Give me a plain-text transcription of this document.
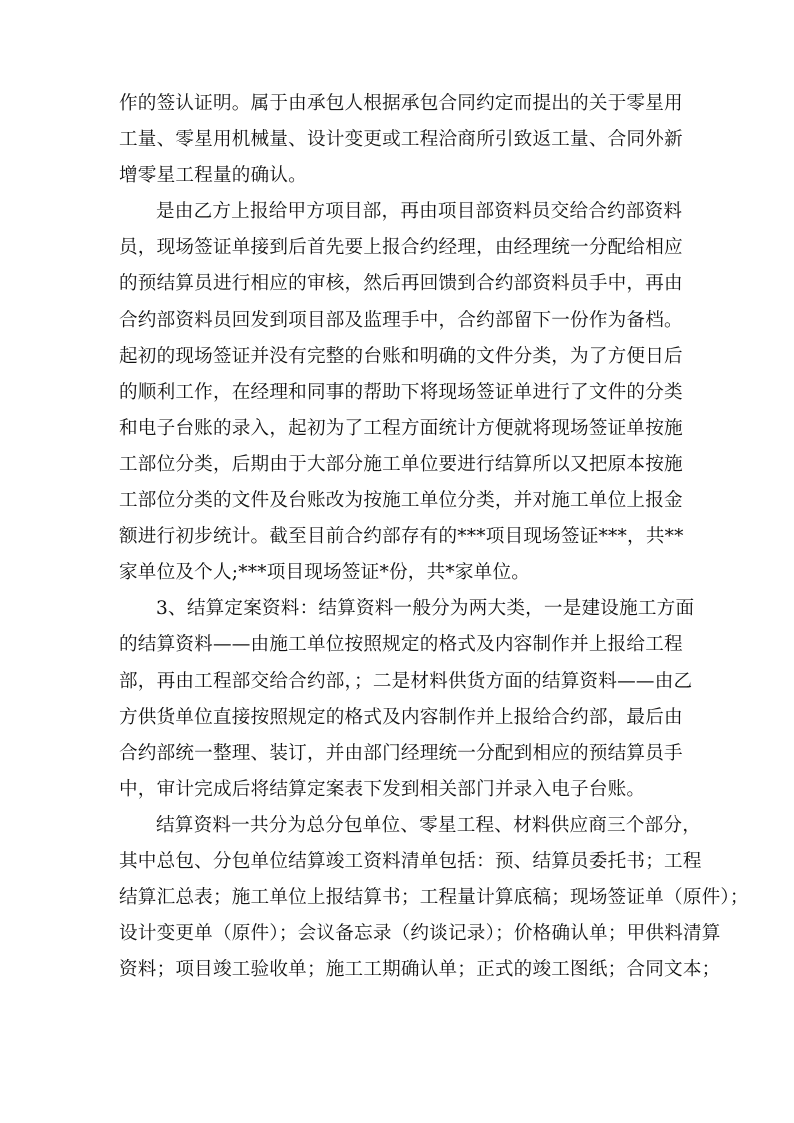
作的签认证明。属于由承包人根据承包合同约定而提出的关于零星用
工量、零星用机械量、设计变更或工程洽商所引致返工量、合同外新
增零星工程量的确认。
是由乙方上报给甲方项目部，再由项目部资料员交给合约部资料
员，现场签证单接到后首先要上报合约经理，由经理统一分配给相应
的预结算员进行相应的审核，然后再回馈到合约部资料员手中，再由
合约部资料员回发到项目部及监理手中，合约部留下一份作为备档。
起初的现场签证并没有完整的台账和明确的文件分类，为了方便日后
的顺利工作，在经理和同事的帮助下将现场签证单进行了文件的分类
和电子台账的录入，起初为了工程方面统计方便就将现场签证单按施
工部位分类，后期由于大部分施工单位要进行结算所以又把原本按施
工部位分类的文件及台账改为按施工单位分类，并对施工单位上报金
额进行初步统计。截至目前合约部存有的***项目现场签证***，共**
家单位及个人;***项目现场签证*份，共*家单位。
3、结算定案资料：结算资料一般分为两大类，一是建设施工方面
的结算资料——由施工单位按照规定的格式及内容制作并上报给工程
部，再由工程部交给合约部，；二是材料供货方面的结算资料——由乙
方供货单位直接按照规定的格式及内容制作并上报给合约部，最后由
合约部统一整理、装订，并由部门经理统一分配到相应的预结算员手
中，审计完成后将结算定案表下发到相关部门并录入电子台账。
结算资料一共分为总分包单位、零星工程、材料供应商三个部分，
其中总包、分包单位结算竣工资料清单包括：预、结算员委托书；工程
结算汇总表；施工单位上报结算书；工程量计算底稿；现场签证单（原件）；
设计变更单（原件）；会议备忘录（约谈记录）；价格确认单；甲供料清算
资料；项目竣工验收单；施工工期确认单；正式的竣工图纸；合同文本；
